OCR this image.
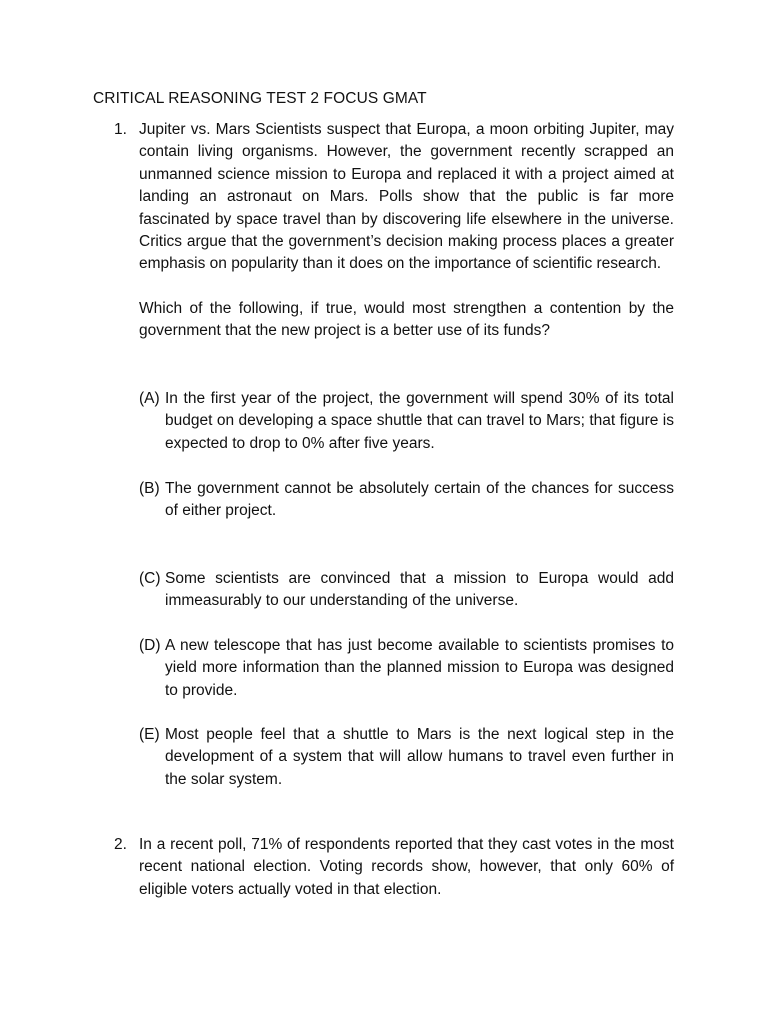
CRITICAL REASONING TEST 2 FOCUS GMAT
1. Jupiter vs. Mars Scientists suspect that Europa, a moon orbiting Jupiter, may contain living organisms. However, the government recently scrapped an unmanned science mission to Europa and replaced it with a project aimed at landing an astronaut on Mars. Polls show that the public is far more fascinated by space travel than by discovering life elsewhere in the universe. Critics argue that the government’s decision making process places a greater emphasis on popularity than it does on the importance of scientific research.

Which of the following, if true, would most strengthen a contention by the government that the new project is a better use of its funds?

(A) In the first year of the project, the government will spend 30% of its total budget on developing a space shuttle that can travel to Mars; that figure is expected to drop to 0% after five years.
(B) The government cannot be absolutely certain of the chances for success of either project.
(C) Some scientists are convinced that a mission to Europa would add immeasurably to our understanding of the universe.
(D) A new telescope that has just become available to scientists promises to yield more information than the planned mission to Europa was designed to provide.
(E) Most people feel that a shuttle to Mars is the next logical step in the development of a system that will allow humans to travel even further in the solar system.
2. In a recent poll, 71% of respondents reported that they cast votes in the most recent national election. Voting records show, however, that only 60% of eligible voters actually voted in that election.
